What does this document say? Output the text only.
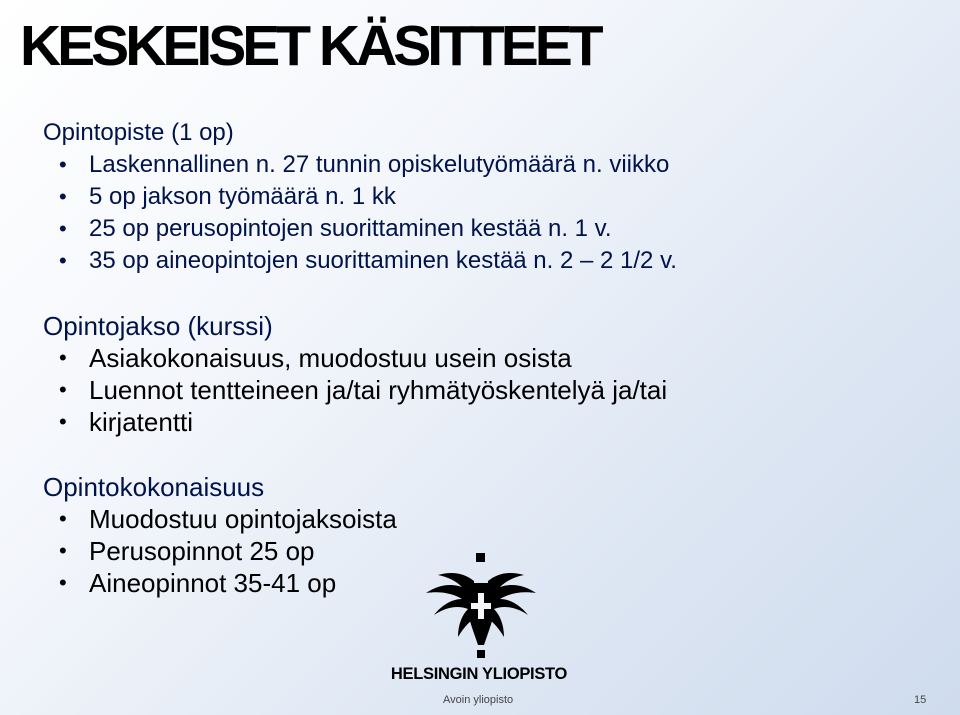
KESKEISET KÄSITTEET

Opintopiste (1 op)

• Laskennallinen n. 27 tunnin opiskelutyömäärä n. viikko
• 5 op jakson työmäärä n. 1 kk
• 25 op perusopintojen suorittaminen kestää n. 1 v.
• 35 op aineopintojen suorittaminen kestää n. 2 – 2 1/2 v.

Opintojakso (kurssi)

• Asiakokonaisuus, muodostuu usein osista
• Luennot tentteineen ja/tai ryhmätyöskentelyä ja/tai
• kirjatentti

Opintokokonaisuus

• Muodostuu opintojaksoista
• Perusopinnot 25 op
• Aineopinnot 35-41 op
HELSINGIN YLIOPISTO
Avoin yliopisto	15
